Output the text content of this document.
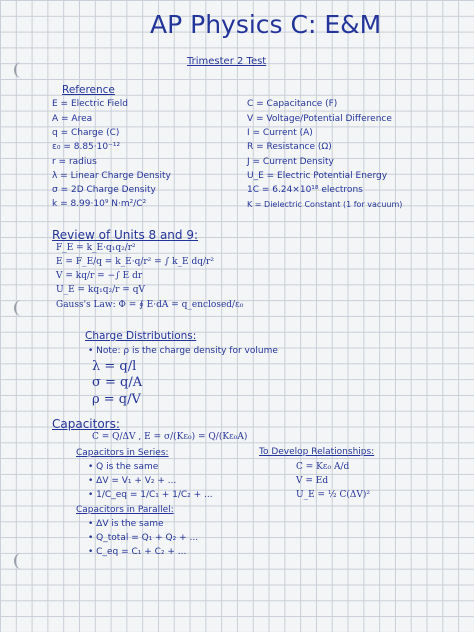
AP Physics C: E&M
Trimester 2 Test
Reference
E = Electric Field
A = Area
q = Charge (C)
ε₀ = 8.85·10⁻¹²
r = radius
λ = Linear Charge Density
σ = 2D Charge Density
k = 8.99·10⁹ N·m²/C²
C = Capacitance (F)
V = Voltage/Potential Difference
I = Current (A)
R = Resistance (Ω)
J = Current Density
U_E = Electric Potential Energy
1C = 6.24×10¹⁸ electrons
K = Dielectric Constant (1 for vacuum)
Review of Units 8 and 9:
F_E = k_E·q₁q₂/r²
E = F_E/q = k_E·q/r² = ∫ k_E dq/r²
V = kq/r = −∫ E dr
U_E = kq₁q₂/r = qV
Gauss's Law: Φ = ∮ E·dA = q_enclosed/ε₀
Charge Distributions:
• Note: ρ is the charge density for volume
λ = q/l
σ = q/A
ρ = q/V
Capacitors:
C = Q/ΔV , E = σ/(Kε₀) = Q/(Kε₀A)
Capacitors in Series:
• Q is the same
• ΔV = V₁ + V₂ + ...
• 1/C_eq = 1/C₁ + 1/C₂ + ...
Capacitors in Parallel:
• ΔV is the same
• Q_total = Q₁ + Q₂ + ...
• C_eq = C₁ + C₂ + ...
To Develop Relationships:
C = Kε₀ A/d
V = Ed
U_E = ½ C(ΔV)²
